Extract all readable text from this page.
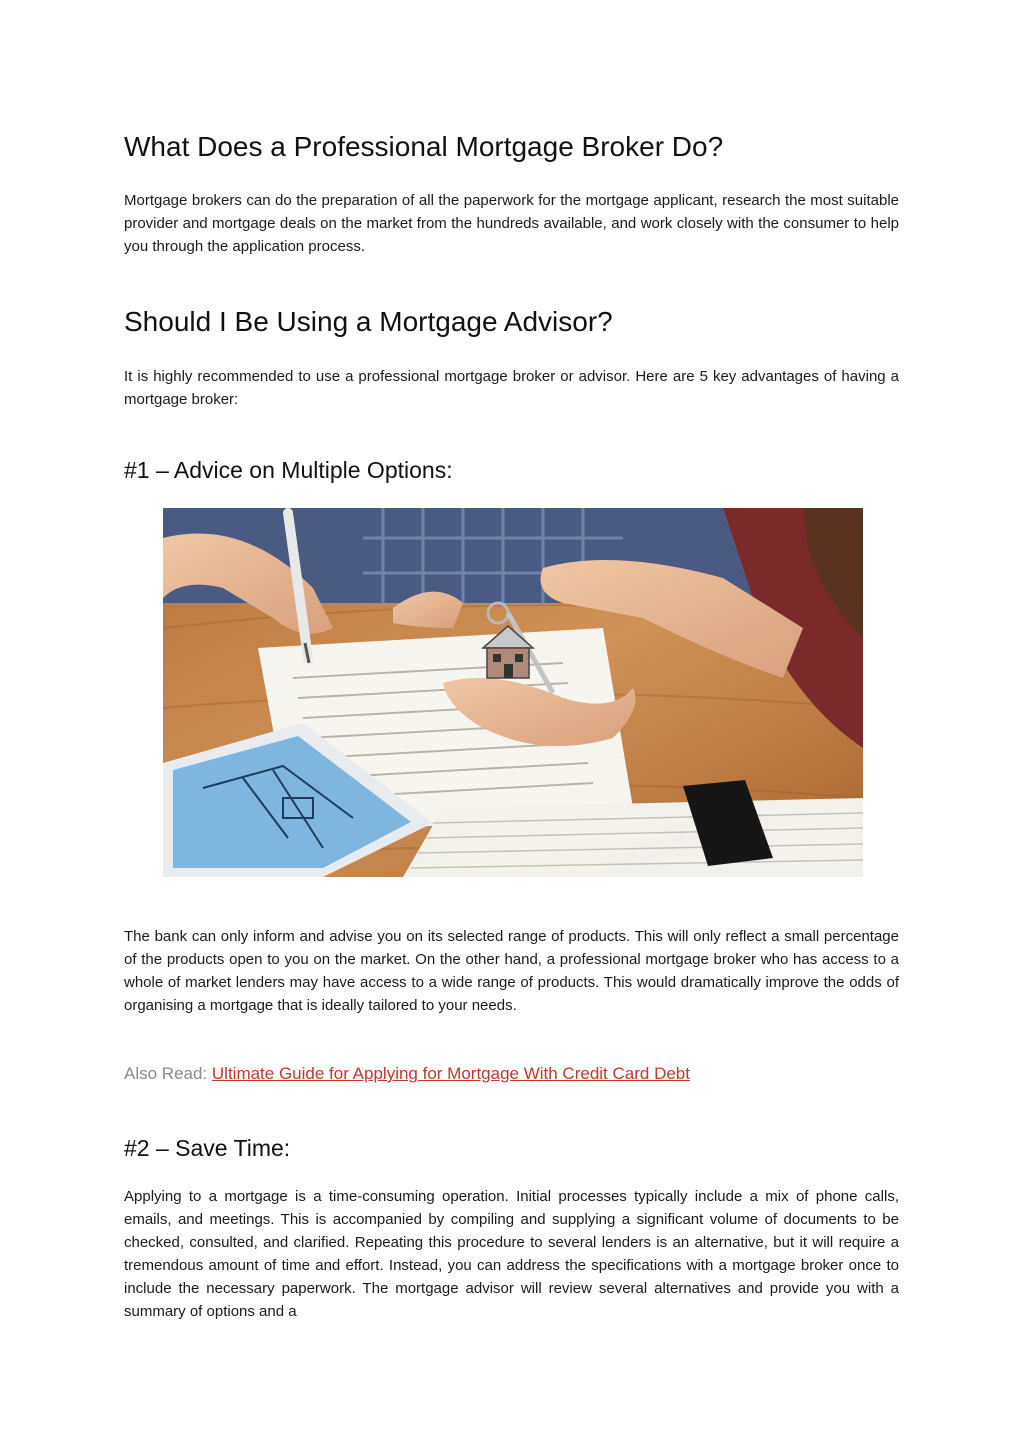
What Does a Professional Mortgage Broker Do?

Mortgage brokers can do the preparation of all the paperwork for the mortgage applicant, research the most suitable provider and mortgage deals on the market from the hundreds available, and work closely with the consumer to help you through the application process.

Should I Be Using a Mortgage Advisor?

It is highly recommended to use a professional mortgage broker or advisor. Here are 5 key advantages of having a mortgage broker:

#1 – Advice on Multiple Options:

The bank can only inform and advise you on its selected range of products. This will only reflect a small percentage of the products open to you on the market. On the other hand, a professional mortgage broker who has access to a whole of market lenders may have access to a wide range of products. This would dramatically improve the odds of organising a mortgage that is ideally tailored to your needs.

Also Read: Ultimate Guide for Applying for Mortgage With Credit Card Debt
#2 – Save Time:

Applying to a mortgage is a time-consuming operation. Initial processes typically include a mix of phone calls, emails, and meetings. This is accompanied by compiling and supplying a significant volume of documents to be checked, consulted, and clarified. Repeating this procedure to several lenders is an alternative, but it will require a tremendous amount of time and effort. Instead, you can address the specifications with a mortgage broker once to include the necessary paperwork. The mortgage advisor will review several alternatives and provide you with a summary of options and a
